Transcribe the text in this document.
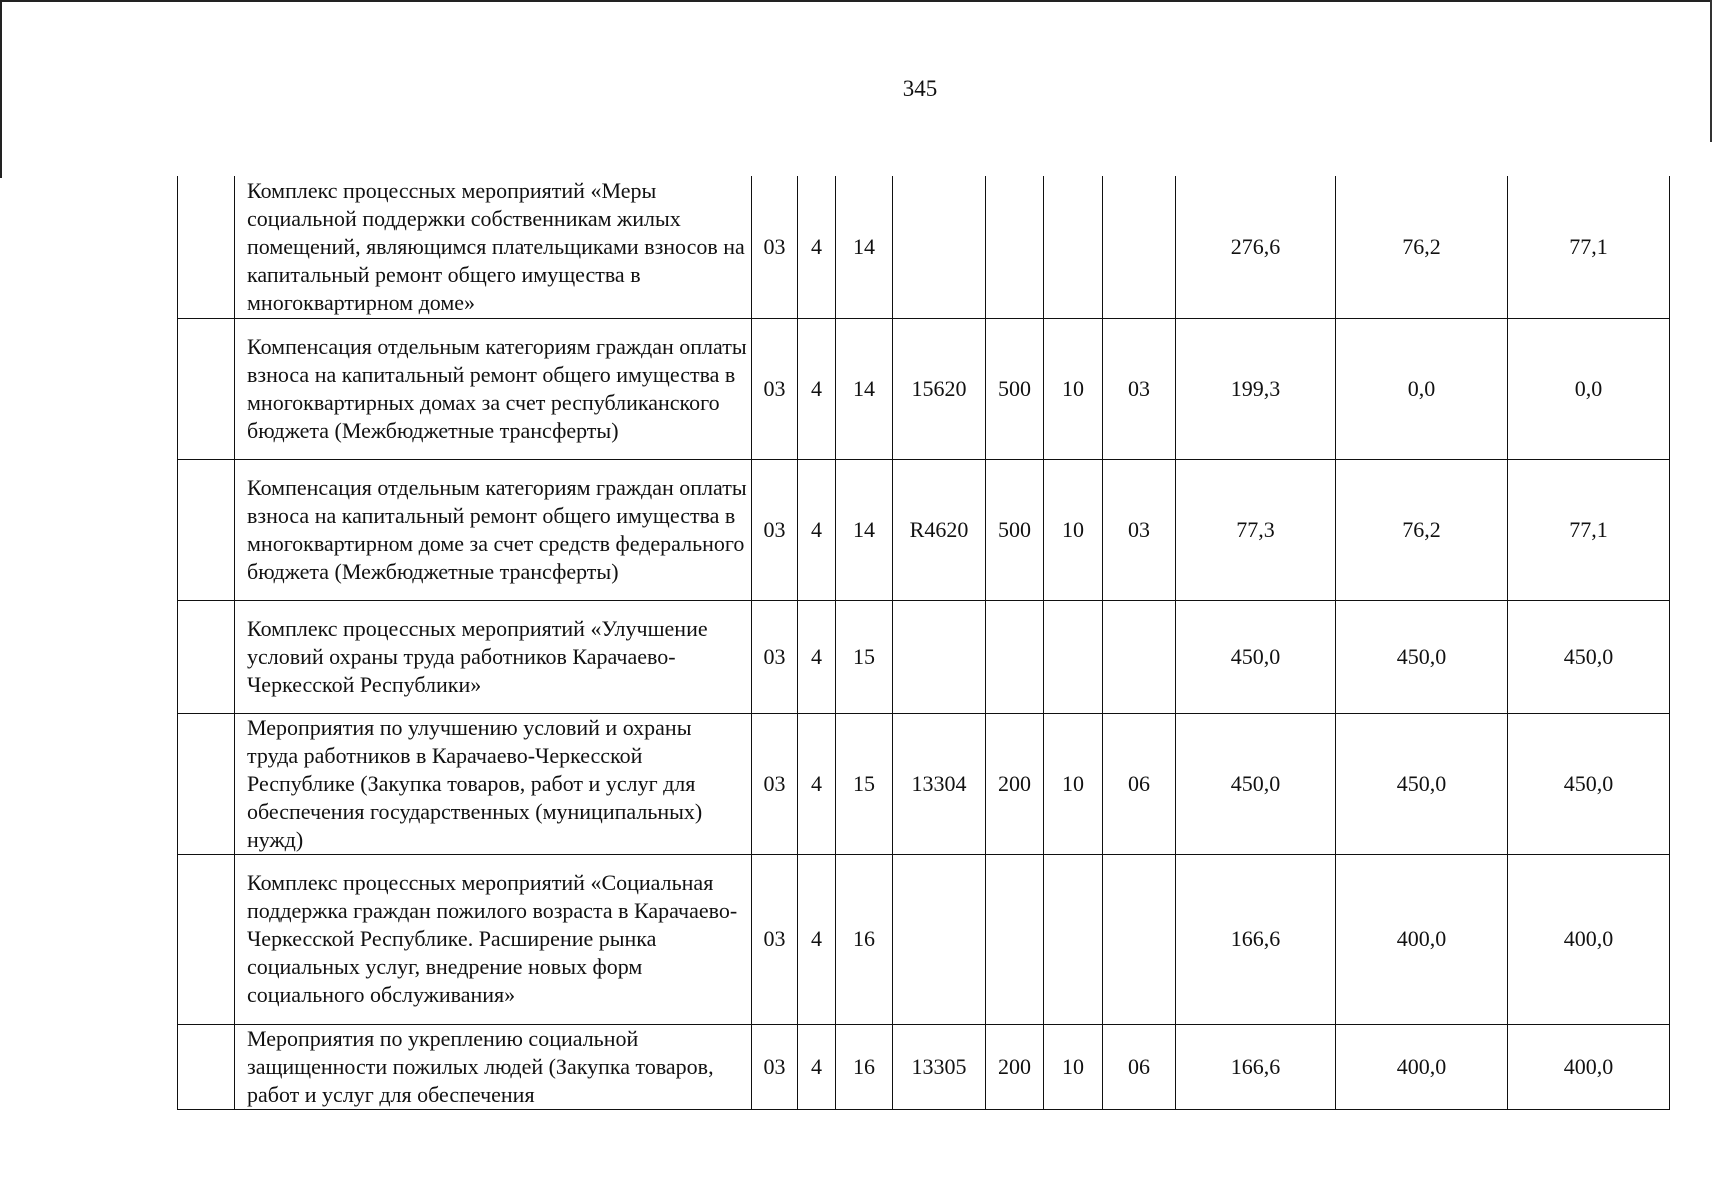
345
	Комплекс процессных мероприятий «Меры социальной поддержки собственникам жилых помещений, являющимся плательщиками взносов на капитальный ремонт общего имущества в многоквартирном доме»	03	4	14					276,6	76,2	77,1
	Компенсация отдельным категориям граждан оплаты взноса на капитальный ремонт общего имущества в многоквартирных домах за счет республиканского бюджета (Межбюджетные трансферты)	03	4	14	15620	500	10	03	199,3	0,0	0,0
	Компенсация отдельным категориям граждан оплаты взноса на капитальный ремонт общего имущества в многоквартирном доме за счет средств федерального бюджета (Межбюджетные трансферты)	03	4	14	R4620	500	10	03	77,3	76,2	77,1
	Комплекс процессных мероприятий «Улучшение условий охраны труда работников Карачаево-Черкесской Республики»	03	4	15					450,0	450,0	450,0
	Мероприятия по улучшению условий и охраны труда работников в Карачаево-Черкесской Республике (Закупка товаров, работ и услуг для обеспечения государственных (муниципальных) нужд)	03	4	15	13304	200	10	06	450,0	450,0	450,0
	Комплекс процессных мероприятий «Социальная поддержка граждан пожилого возраста в Карачаево-Черкесской Республике. Расширение рынка социальных услуг, внедрение новых форм социального обслуживания»	03	4	16					166,6	400,0	400,0
	Мероприятия по укреплению социальной защищенности пожилых людей (Закупка товаров, работ и услуг для обеспечения	03	4	16	13305	200	10	06	166,6	400,0	400,0
